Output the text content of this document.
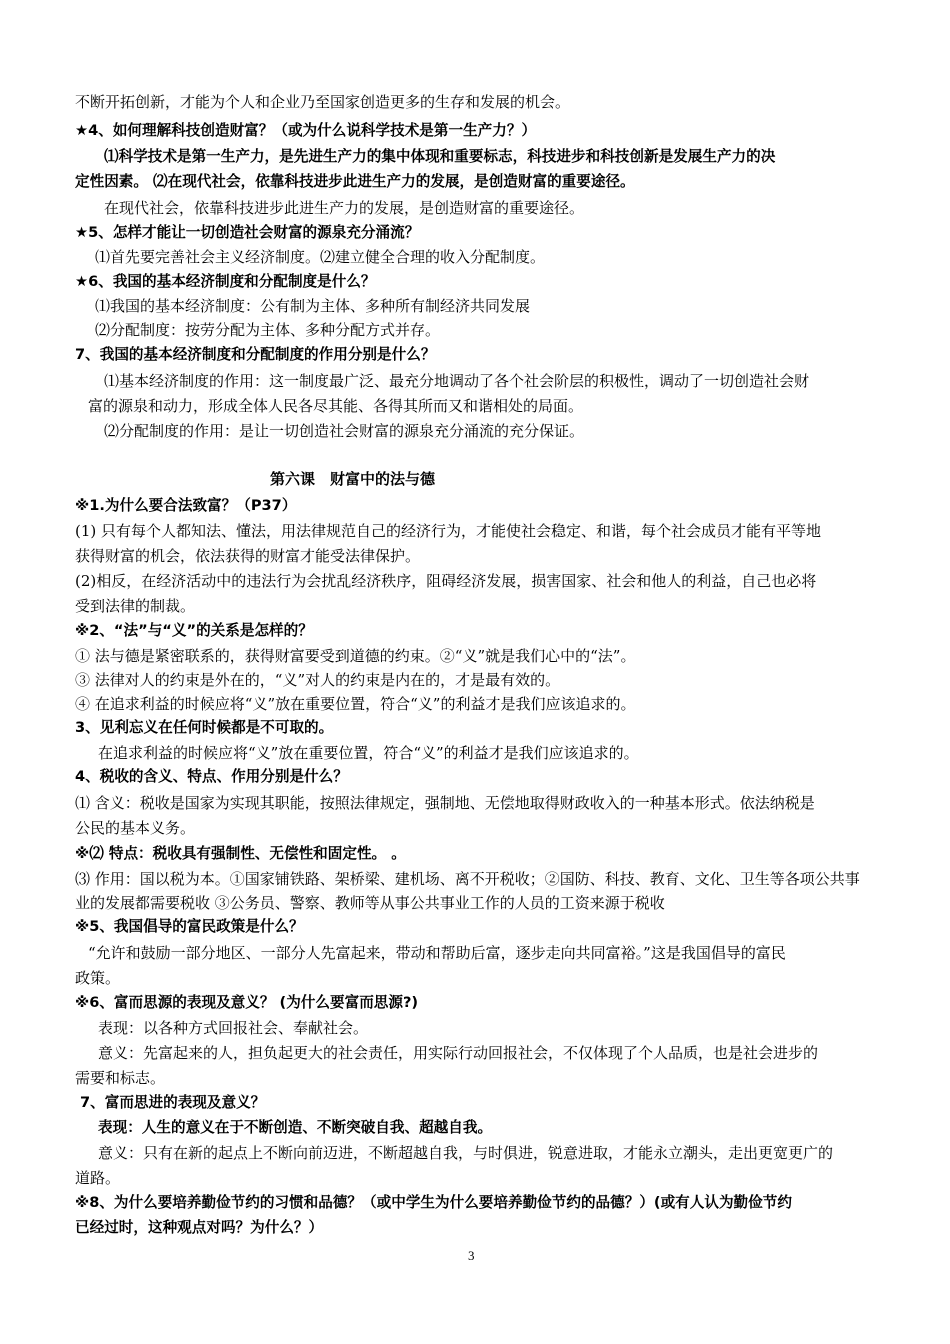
不断开拓创新，才能为个人和企业乃至国家创造更多的生存和发展的机会。
★4、如何理解科技创造财富？（或为什么说科学技术是第一生产力？）
⑴科学技术是第一生产力，是先进生产力的集中体现和重要标志，科技进步和科技创新是发展生产力的决
定性因素。 ⑵在现代社会，依靠科技进步此进生产力的发展，是创造财富的重要途径。
在现代社会，依靠科技进步此进生产力的发展，是创造财富的重要途径。
★5、怎样才能让一切创造社会财富的源泉充分涌流？
⑴首先要完善社会主义经济制度。⑵建立健全合理的收入分配制度。
★6、我国的基本经济制度和分配制度是什么？
⑴我国的基本经济制度：公有制为主体、多种所有制经济共同发展
⑵分配制度：按劳分配为主体、多种分配方式并存。
7、我国的基本经济制度和分配制度的作用分别是什么？
⑴基本经济制度的作用：这一制度最广泛、最充分地调动了各个社会阶层的积极性，调动了一切创造社会财
富的源泉和动力，形成全体人民各尽其能、各得其所而又和谐相处的局面。
⑵分配制度的作用：是让一切创造社会财富的源泉充分涌流的充分保证。
第六课　财富中的法与德
※1.为什么要合法致富？（P37）
(1) 只有每个人都知法、懂法，用法律规范自己的经济行为，才能使社会稳定、和谐，每个社会成员才能有平等地
获得财富的机会，依法获得的财富才能受法律保护。
(2)相反，在经济活动中的违法行为会扰乱经济秩序，阻碍经济发展，损害国家、社会和他人的利益，自己也必将
受到法律的制裁。
※2、“法”与“义”的关系是怎样的？
① 法与德是紧密联系的，获得财富要受到道德的约束。②“义”就是我们心中的“法”。
③ 法律对人的约束是外在的，“义”对人的约束是内在的，才是最有效的。
④ 在追求利益的时候应将“义”放在重要位置，符合“义”的利益才是我们应该追求的。
3、见利忘义在任何时候都是不可取的。
在追求利益的时候应将“义”放在重要位置，符合“义”的利益才是我们应该追求的。
4、税收的含义、特点、作用分别是什么？
⑴ 含义：税收是国家为实现其职能，按照法律规定，强制地、无偿地取得财政收入的一种基本形式。依法纳税是
公民的基本义务。
※⑵ 特点：税收具有强制性、无偿性和固定性。 。
⑶ 作用：国以税为本。①国家铺铁路、架桥梁、建机场、离不开税收；②国防、科技、教育、文化、卫生等各项公共事
业的发展都需要税收 ③公务员、警察、教师等从事公共事业工作的人员的工资来源于税收
※5、我国倡导的富民政策是什么？
“允许和鼓励一部分地区、一部分人先富起来，带动和帮助后富，逐步走向共同富裕。”这是我国倡导的富民
政策。
※6、富而思源的表现及意义？ (为什么要富而思源?)
表现：以各种方式回报社会、奉献社会。
意义：先富起来的人，担负起更大的社会责任，用实际行动回报社会，不仅体现了个人品质，也是社会进步的
需要和标志。
7、富而思进的表现及意义？
表现：人生的意义在于不断创造、不断突破自我、超越自我。
意义：只有在新的起点上不断向前迈进，不断超越自我，与时俱进，锐意进取，才能永立潮头，走出更宽更广的
道路。
※8、为什么要培养勤俭节约的习惯和品德？（或中学生为什么要培养勤俭节约的品德？）(或有人认为勤俭节约
已经过时，这种观点对吗？为什么？）
3
